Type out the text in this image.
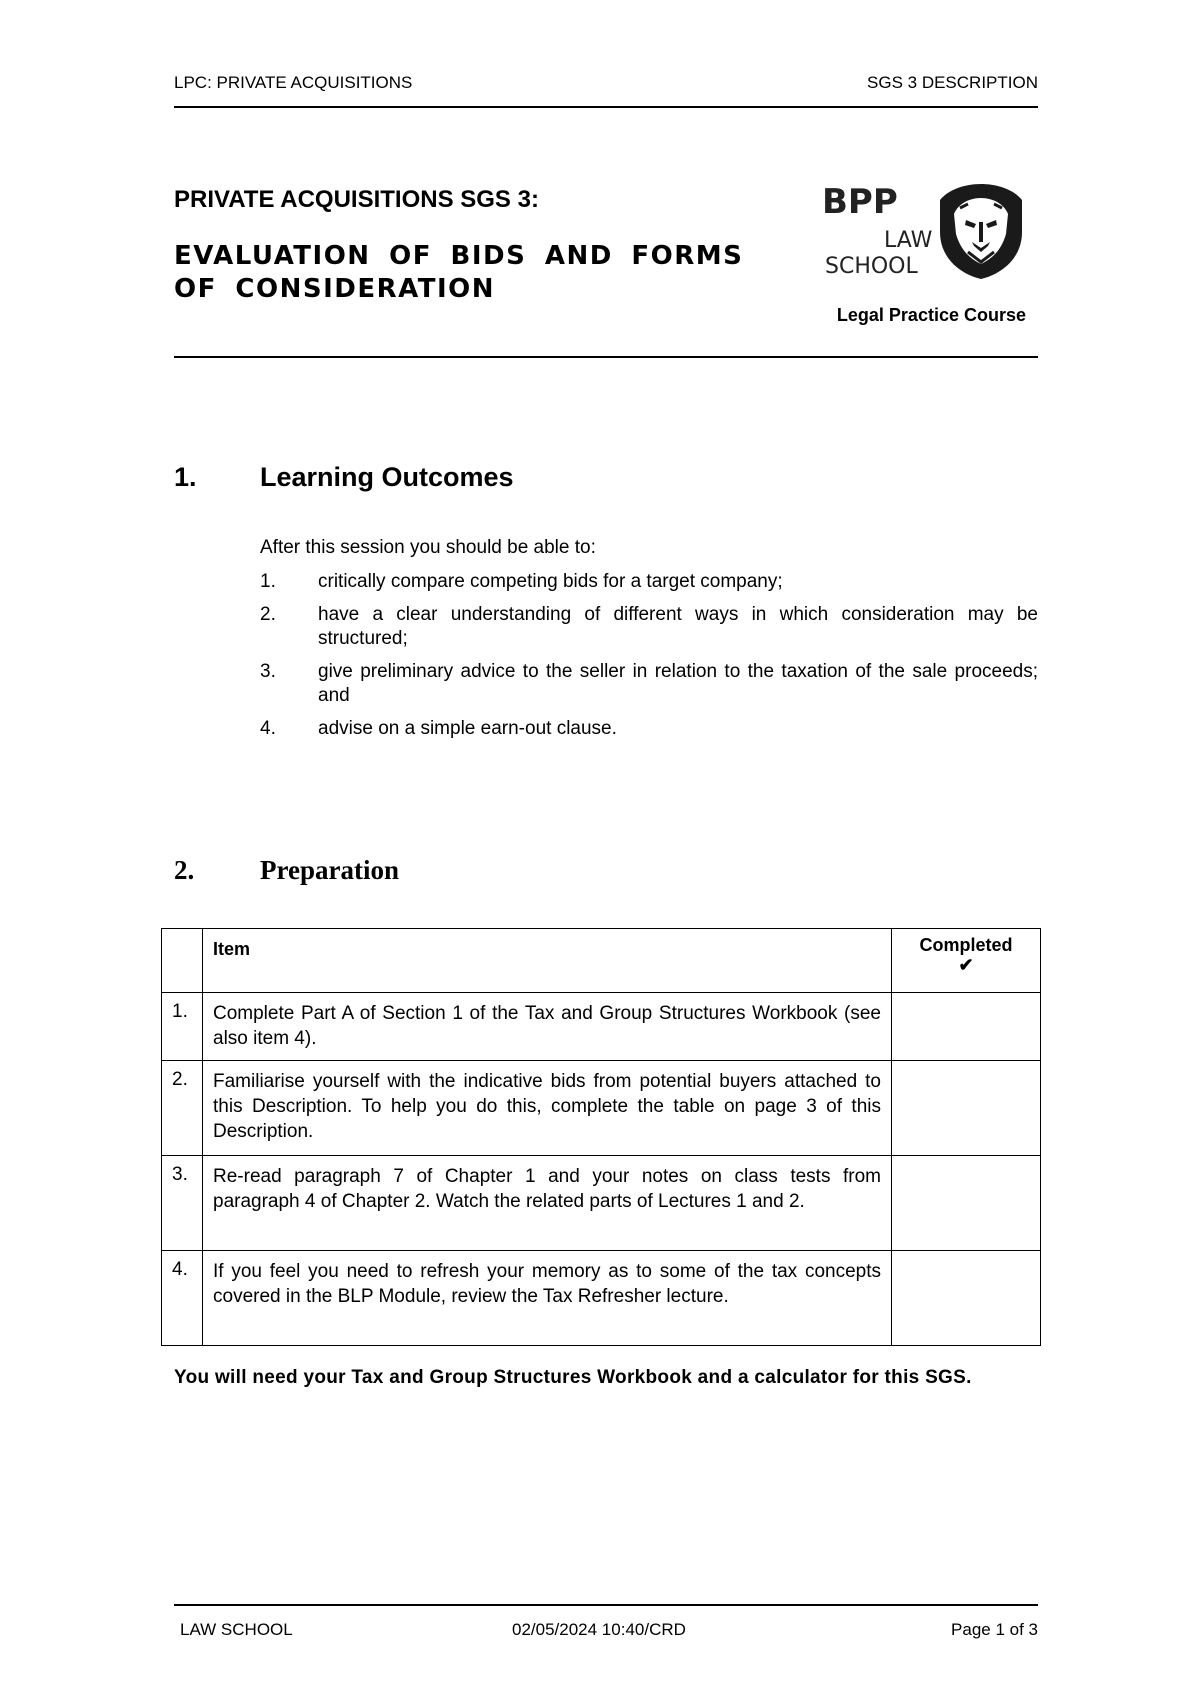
LPC: PRIVATE ACQUISITIONS	SGS 3 DESCRIPTION
PRIVATE ACQUISITIONS SGS 3:
EVALUATION OF BIDS AND FORMS OF CONSIDERATION
BPP
LAW
SCHOOL
Legal Practice Course
1. Learning Outcomes
After this session you should be able to:
1. critically compare competing bids for a target company;
2. have a clear understanding of different ways in which consideration may be structured;
3. give preliminary advice to the seller in relation to the taxation of the sale proceeds; and
4. advise on a simple earn-out clause.
2. Preparation
	Item	Completed
✔

1.	Complete Part A of Section 1 of the Tax and Group Structures Workbook (see also item 4).	
2.	Familiarise yourself with the indicative bids from potential buyers attached to this Description. To help you do this, complete the table on page 3 of this Description.	
3.	Re-read paragraph 7 of Chapter 1 and your notes on class tests from paragraph 4 of Chapter 2. Watch the related parts of Lectures 1 and 2.	
4.	If you feel you need to refresh your memory as to some of the tax concepts covered in the BLP Module, review the Tax Refresher lecture.	
You will need your Tax and Group Structures Workbook and a calculator for this SGS.
LAW SCHOOL	02/05/2024 10:40/CRD	Page 1 of 3
